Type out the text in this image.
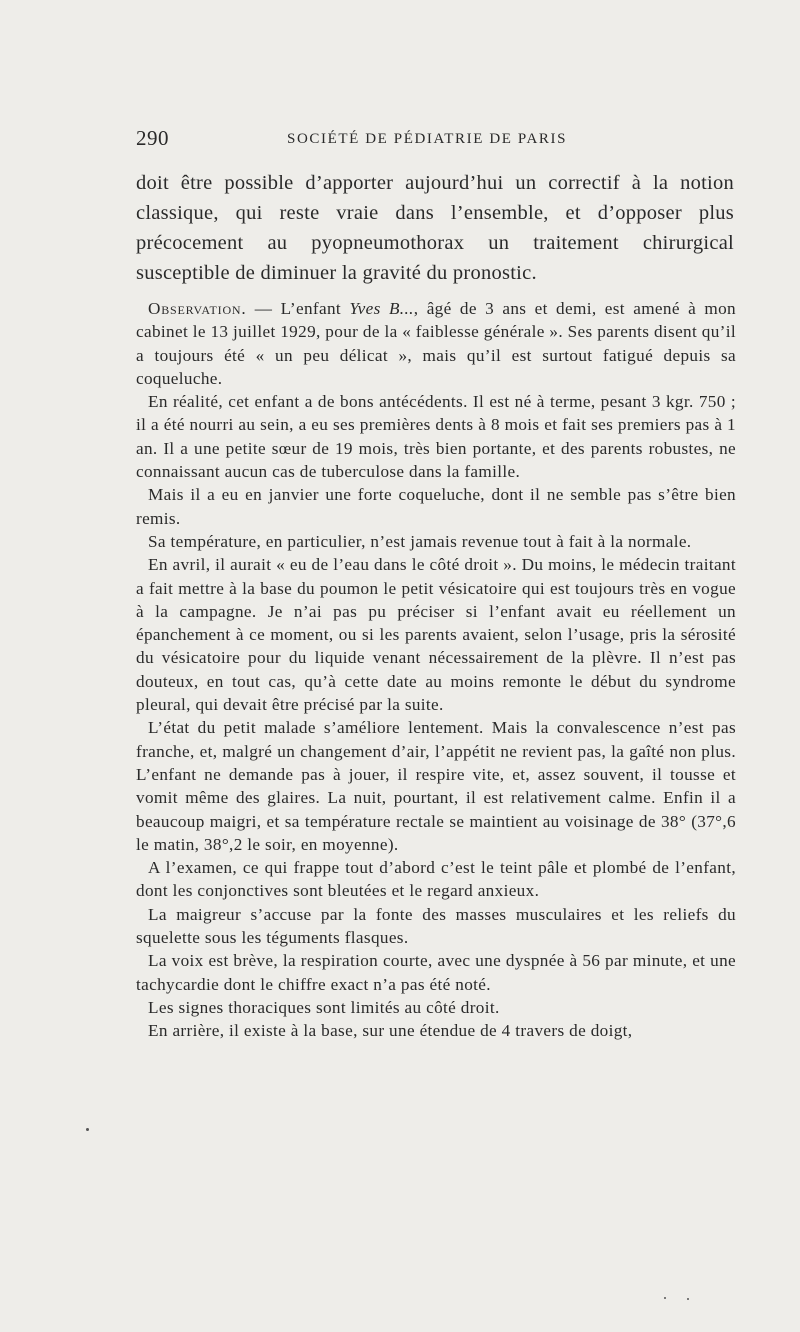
290	SOCIÉTÉ DE PÉDIATRIE DE PARIS

doit être possible d’apporter aujourd’hui un correctif à la notion classique, qui reste vraie dans l’ensemble, et d’opposer plus précocement au pyopneumothorax un traitement chirurgical susceptible de diminuer la gravité du pronostic.

Observation. — L’enfant Yves B..., âgé de 3 ans et demi, est amené à mon cabinet le 13 juillet 1929, pour de la « faiblesse générale ». Ses parents disent qu’il a toujours été « un peu délicat », mais qu’il est surtout fatigué depuis sa coqueluche.

En réalité, cet enfant a de bons antécédents. Il est né à terme, pesant 3 kgr. 750 ; il a été nourri au sein, a eu ses premières dents à 8 mois et fait ses premiers pas à 1 an. Il a une petite sœur de 19 mois, très bien portante, et des parents robustes, ne connaissant aucun cas de tuberculose dans la famille.

Mais il a eu en janvier une forte coqueluche, dont il ne semble pas s’être bien remis.

Sa température, en particulier, n’est jamais revenue tout à fait à la normale.

En avril, il aurait « eu de l’eau dans le côté droit ». Du moins, le médecin traitant a fait mettre à la base du poumon le petit vésicatoire qui est toujours très en vogue à la campagne. Je n’ai pas pu préciser si l’enfant avait eu réellement un épanchement à ce moment, ou si les parents avaient, selon l’usage, pris la sérosité du vésicatoire pour du liquide venant nécessairement de la plèvre. Il n’est pas douteux, en tout cas, qu’à cette date au moins remonte le début du syndrome pleural, qui devait être précisé par la suite.

L’état du petit malade s’améliore lentement. Mais la convalescence n’est pas franche, et, malgré un changement d’air, l’appétit ne revient pas, la gaîté non plus. L’enfant ne demande pas à jouer, il respire vite, et, assez souvent, il tousse et vomit même des glaires. La nuit, pourtant, il est relativement calme. Enfin il a beaucoup maigri, et sa température rectale se maintient au voisinage de 38° (37°,6 le matin, 38°,2 le soir, en moyenne).

A l’examen, ce qui frappe tout d’abord c’est le teint pâle et plombé de l’enfant, dont les conjonctives sont bleutées et le regard anxieux.

La maigreur s’accuse par la fonte des masses musculaires et les reliefs du squelette sous les téguments flasques.

La voix est brève, la respiration courte, avec une dyspnée à 56 par minute, et une tachycardie dont le chiffre exact n’a pas été noté.

Les signes thoraciques sont limités au côté droit.

En arrière, il existe à la base, sur une étendue de 4 travers de doigt,
